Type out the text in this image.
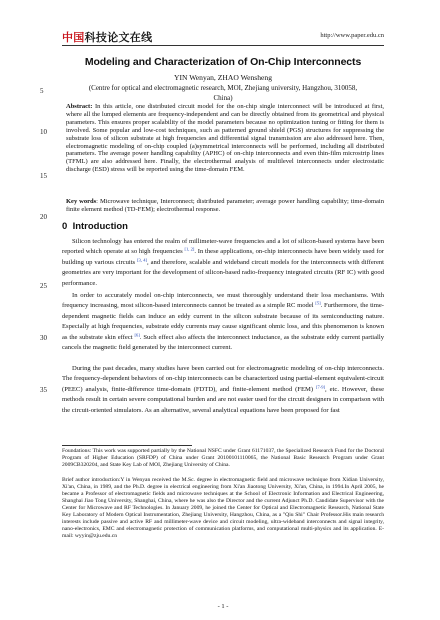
中国科技论文在线	http://www.paper.edu.cn
Modeling and Characterization of On-Chip Interconnects
YIN Wenyan, ZHAO Wensheng
(Centre for optical and electromagnetic research, MOI, Zhejiang university, Hangzhou, 310058,
China)
5
10
15
20
25
30
35
Abstract: In this article, one distributed circuit model for the on-chip single interconnect will be introduced at first, where all the lumped elements are frequency-independent and can be directly obtained from its geometrical and physical parameters. This ensures proper scalability of the model parameters because no optimization tuning or fitting for them is involved. Some popular and low-cost techniques, such as patterned ground shield (PGS) structures for suppressing the substrate loss of silicon substrate at high frequencies and differential signal transmission are also addressed here. Then, electromagnetic modeling of on-chip coupled (a)symmetrical interconnects will be performed, including all distributed parameters. The average power handling capability (APHC) of on-chip interconnects and even thin-film microstrip lines (TFML) are also addressed here. Finally, the electrothermal analysis of multilevel interconnects under electrostatic discharge (ESD) stress will be reported using the time-domain FEM.
Key words: Microwave technique, Interconnect; distributed parameter; average power handling capability; time-domain finite element method (TD-FEM); electrothermal response.
0 Introduction

Silicon technology has entered the realm of millimeter-wave frequencies and a lot of silicon-based systems have been reported which operate at so high frequencies [1, 2]. In these applications, on-chip interconnects have been widely used for building up various circuits [3, 4], and therefore, scalable and wideband circuit models for the interconnects with different geometries are very important for the development of silicon-based radio-frequency integrated circuits (RF IC) with good performance.

In order to accurately model on-chip interconnects, we must thoroughly understand their loss mechanisms. With frequency increasing, most silicon-based interconnects cannot be treated as a simple RC model [5]. Furthermore, the time-dependent magnetic fields can induce an eddy current in the silicon substrate because of its semiconducting nature. Especially at high frequencies, substrate eddy currents may cause significant ohmic loss, and this phenomenon is known as the substrate skin effect [6]. Such effect also affects the interconnect inductance, as the substrate eddy current partially cancels the magnetic field generated by the interconnect current.

During the past decades, many studies have been carried out for electromagnetic modeling of on-chip interconnects. The frequency-dependent behaviors of on-chip interconnects can be characterized using partial-element equivalent-circuit (PEEC) analysis, finite-difference time-domain (FDTD), and finite-element method (FEM) [7-9], etc. However, these methods result in certain severe computational burden and are not easier used for the circuit designers in comparison with the circuit-oriented simulators. As an alternative, several analytical equations have been proposed for fast

Foundations: This work was supported partially by the National NSFC under Grant 61171037, the Specialized Research Fund for the Doctoral Program of Higher Education (SRFDP) of China under Grant 20100101110065, the National Basic Research Program under Grant 2009CB320204, and State Key Lab of MOI, Zhejiang University of China.
Brief author introduction:Y in Wenyan received the M.Sc. degree in electromagnetic field and microwave technique from Xidian University, Xi'an, China, in 1989, and the Ph.D. degree in electrical engineering from Xi'an Jiaotong University, Xi'an, China, in 1994.In April 2005, he became a Professor of electromagnetic fields and microwave techniques at the School of Electronic Information and Electrical Engineering, Shanghai Jiao Tong University, Shanghai, China, where he was also the Director and the current Adjunct Ph.D. Candidate Supervisor with the Center for Microwave and RF Technologies. In January 2009, he joined the Center for Optical and Electromagnetic Research, National State Key Laboratory of Modern Optical Instrumentation, Zhejiang University, Hangzhou, China, as a "Qiu Shi" Chair Professor.His main research interests include passive and active RF and millimeter-wave device and circuit modeling, ultra-wideband interconnects and signal integrity, nano-electronics, EMC and electromagnetic protection of communication platforms, and computational multi-physics and its application. E-mail: wyyin@zju.edu.cn
- 1 -
